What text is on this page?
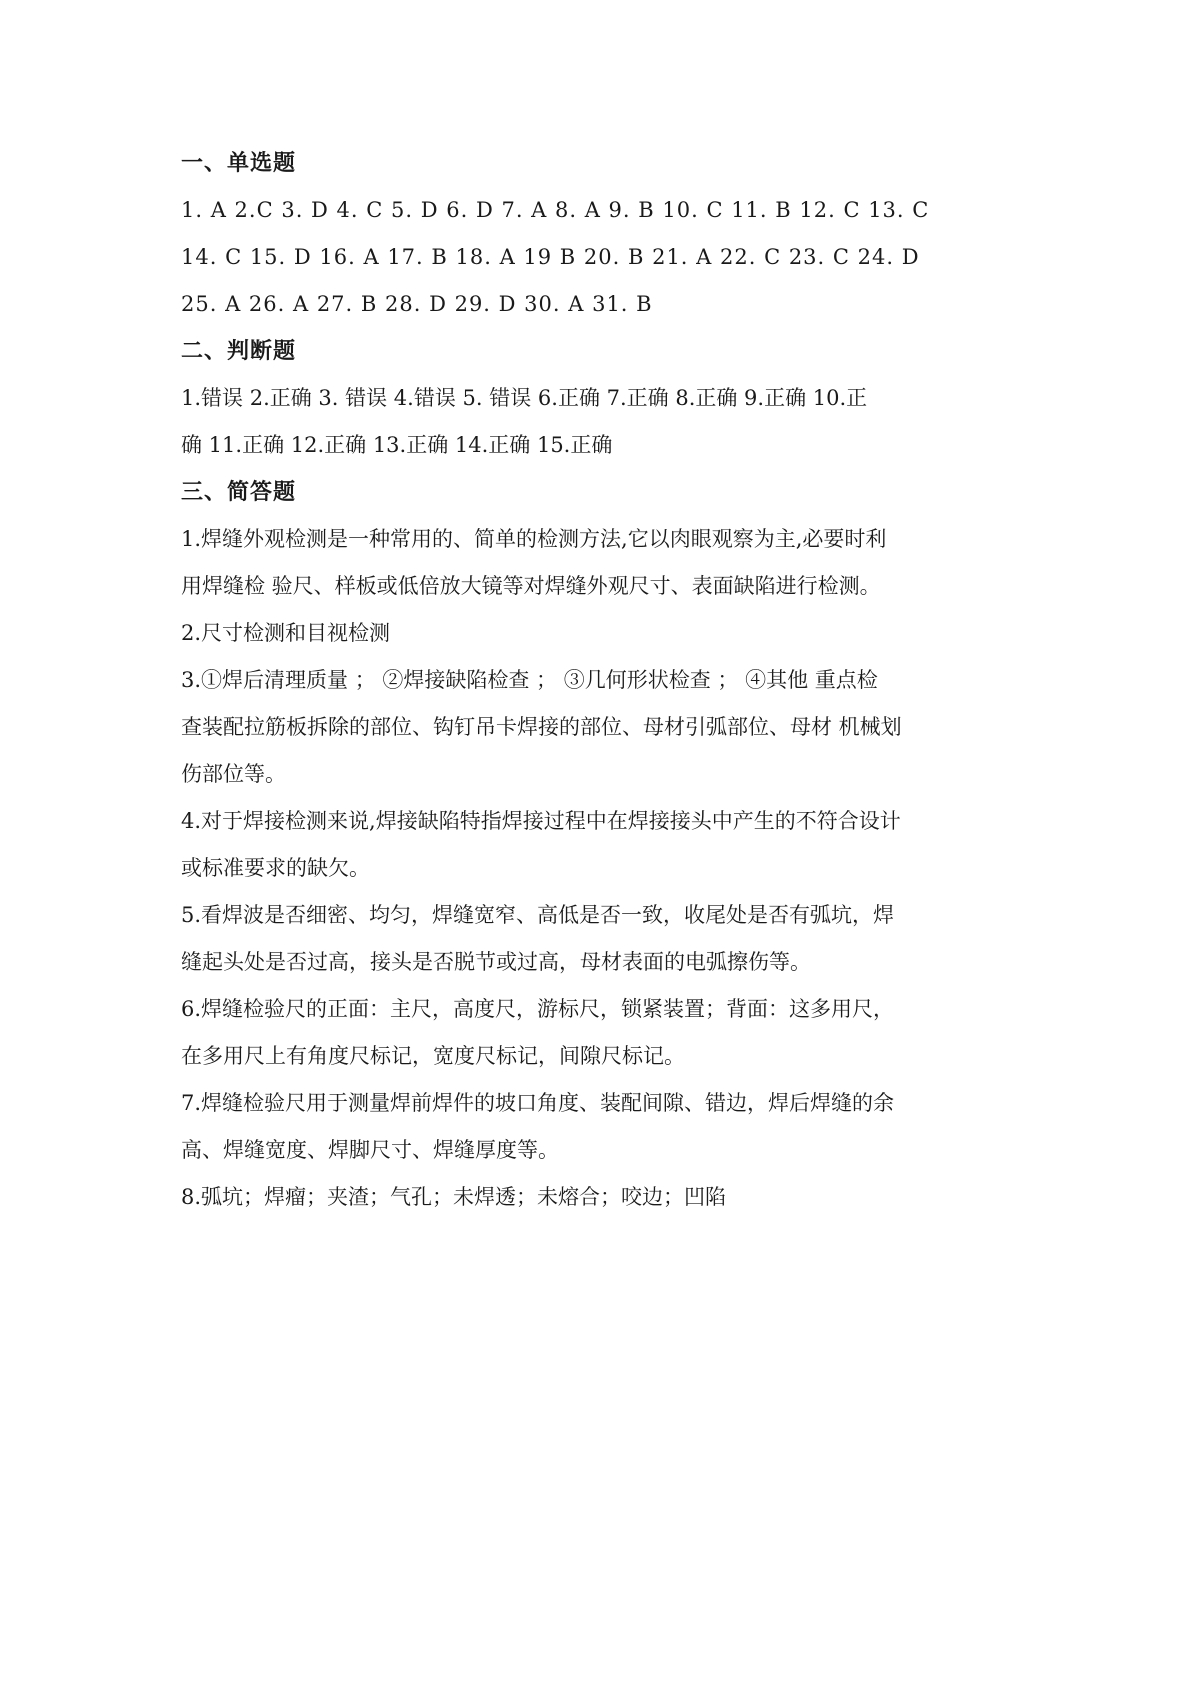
一、单选题
1. A 2.C 3. D 4. C 5. D 6. D 7. A 8. A 9. B 10. C 11. B 12. C 13. C
14. C 15. D 16. A 17. B 18. A 19 B 20. B 21. A 22. C 23. C 24. D
25. A 26. A 27. B 28. D 29. D 30. A 31. B
二、判断题
1.错误 2.正确 3. 错误 4.错误 5. 错误 6.正确 7.正确 8.正确 9.正确 10.正
确 11.正确 12.正确 13.正确 14.正确 15.正确
三、简答题
1.焊缝外观检测是一种常用的、简单的检测方法,它以肉眼观察为主,必要时利
用焊缝检 验尺、样板或低倍放大镜等对焊缝外观尺寸、表面缺陷进行检测。
2.尺寸检测和目视检测
3.①焊后清理质量 ； ②焊接缺陷检查 ； ③几何形状检查 ； ④其他 重点检
查装配拉筋板拆除的部位、钩钉吊卡焊接的部位、母材引弧部位、母材 机械划
伤部位等。
4.对于焊接检测来说,焊接缺陷特指焊接过程中在焊接接头中产生的不符合设计
或标准要求的缺欠。
5.看焊波是否细密、均匀，焊缝宽窄、高低是否一致，收尾处是否有弧坑，焊
缝起头处是否过高，接头是否脱节或过高，母材表面的电弧擦伤等。
6.焊缝检验尺的正面：主尺，高度尺，游标尺，锁紧装置；背面：这多用尺，
在多用尺上有角度尺标记，宽度尺标记，间隙尺标记。
7.焊缝检验尺用于测量焊前焊件的坡口角度、装配间隙、错边，焊后焊缝的余
高、焊缝宽度、焊脚尺寸、焊缝厚度等。
8.弧坑；焊瘤；夹渣；气孔；未焊透；未熔合；咬边；凹陷
